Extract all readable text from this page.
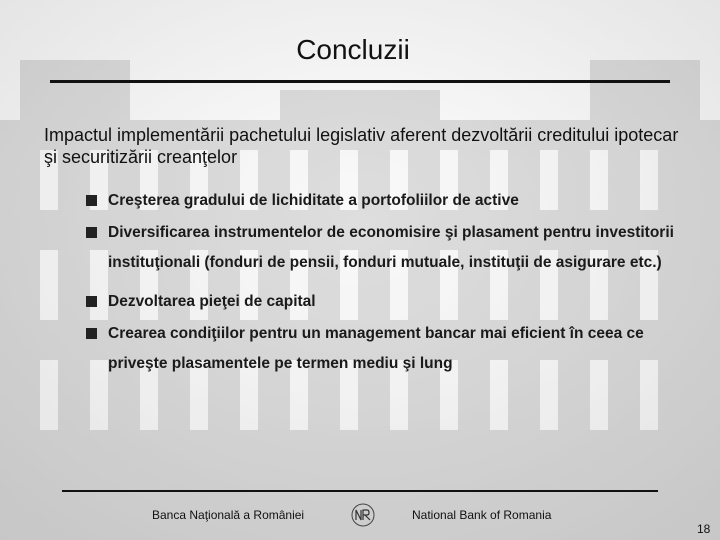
Concluzii
Impactul implementării pachetului legislativ aferent dezvoltării creditului ipotecar şi securitizării creanţelor
Creşterea gradului de lichiditate a portofoliilor de active
Diversificarea instrumentelor de economisire şi plasament pentru investitorii instituţionali (fonduri de pensii, fonduri mutuale, instituţii de asigurare etc.)
Dezvoltarea pieţei de capital
Crearea condiţiilor pentru un management bancar mai eficient în ceea ce priveşte plasamentele pe termen mediu şi lung
Banca Naţională a României	National Bank of Romania
18
